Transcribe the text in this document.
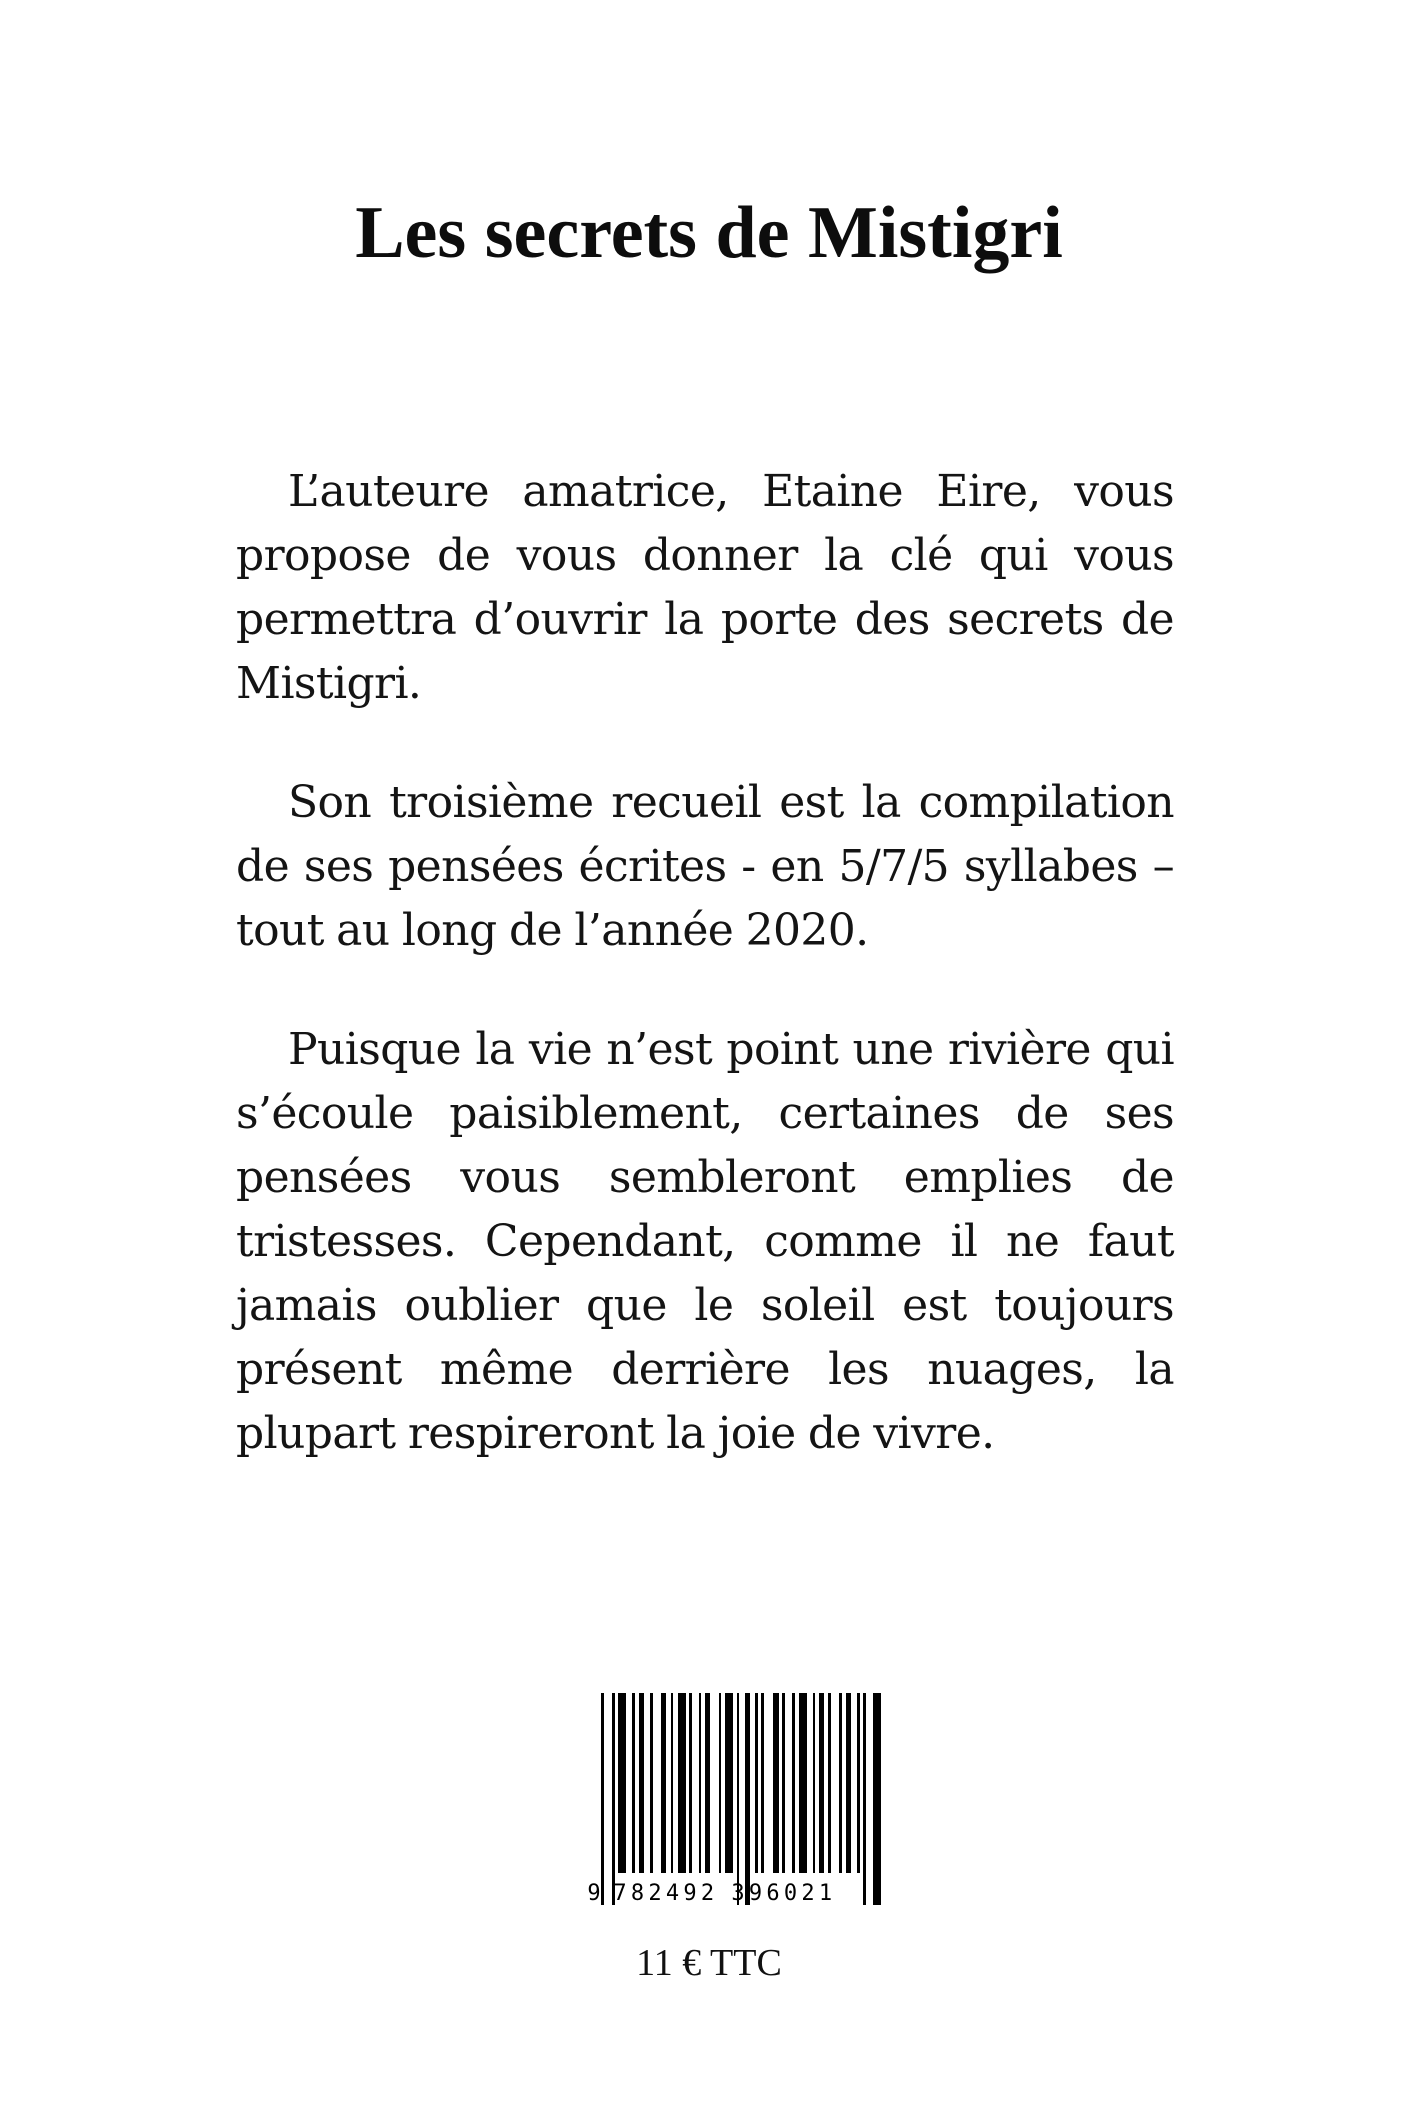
Les secrets de Mistigri

L’auteure amatrice, Etaine Eire, vous propose de vous donner la clé qui vous permettra d’ouvrir la porte des secrets de Mistigri.

Son troisième recueil est la compilation de ses pensées écrites - en 5/7/5 syllabes – tout au long de l’année 2020.

Puisque la vie n’est point une rivière qui s’écoule paisiblement, certaines de ses pensées vous sembleront emplies de tristesses. Cependant, comme il ne faut jamais oublier que le soleil est toujours présent même derrière les nuages, la plupart respireront la joie de vivre.

9 7 8 2 4 9 2 3 9 6 0 2 1
11 € TTC
